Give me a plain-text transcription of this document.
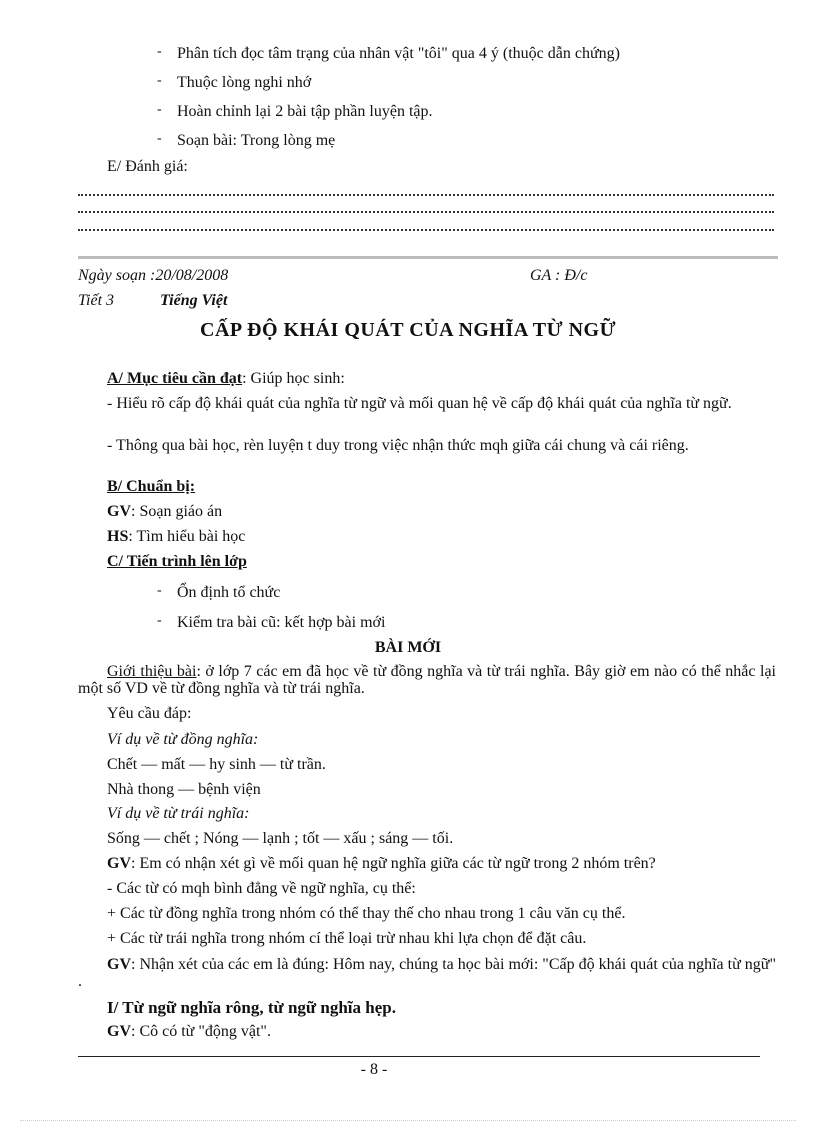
- Phân tích đọc tâm trạng của nhân vật "tôi" qua 4 ý (thuộc dẫn chứng)
- Thuộc lòng nghi nhớ
- Hoàn chỉnh lại 2 bài tập phần luyện tập.
- Soạn bài: Trong lòng mẹ
E/ Đánh giá:
Ngày soạn :20/08/2008	GA : Đ/c
Tiết 3	Tiếng Việt
CẤP ĐỘ KHÁI QUÁT CỦA NGHĨA TỪ NGỮ
A/ Mục tiêu cần đạt: Giúp học sinh:
- Hiểu rõ cấp độ khái quát của nghĩa từ ngữ và mối quan hệ về cấp độ khái quát của nghĩa từ ngữ.
- Thông qua bài học, rèn luyện t duy trong việc nhận thức mqh giữa cái chung và cái riêng.
B/ Chuẩn bị:
GV: Soạn giáo án
HS: Tìm hiểu bài học
C/ Tiến trình lên lớp
- Ổn định tổ chức
- Kiểm tra bài cũ: kết hợp bài mới
BÀI MỚI
Giới thiệu bài: ở lớp 7 các em đã học về từ đồng nghĩa và từ trái nghĩa. Bây giờ em nào có thể nhắc lại một số VD về từ đồng nghĩa và từ trái nghĩa.
Yêu cầu đáp:
Ví dụ về từ đồng nghĩa:
Chết — mất — hy sinh — từ trần.
Nhà thong — bệnh viện
Ví dụ về từ trái nghĩa:
Sống — chết ; Nóng — lạnh ; tốt — xấu ; sáng — tối.
GV: Em có nhận xét gì về mối quan hệ ngữ nghĩa giữa các từ ngữ trong 2 nhóm trên?
- Các từ có mqh bình đẳng về ngữ nghĩa, cụ thể:
+ Các từ đồng nghĩa trong nhóm có thể thay thế cho nhau trong 1 câu văn cụ thể.
+ Các từ trái nghĩa trong nhóm cí thể loại trừ nhau khi lựa chọn để đặt câu.
GV: Nhận xét của các em là đúng: Hôm nay, chúng ta học bài mới: "Cấp độ khái quát của nghĩa từ ngữ" .
I/ Từ ngữ nghĩa rông, từ ngữ nghĩa hẹp.
GV: Cô có từ "động vật".
- 8 -
